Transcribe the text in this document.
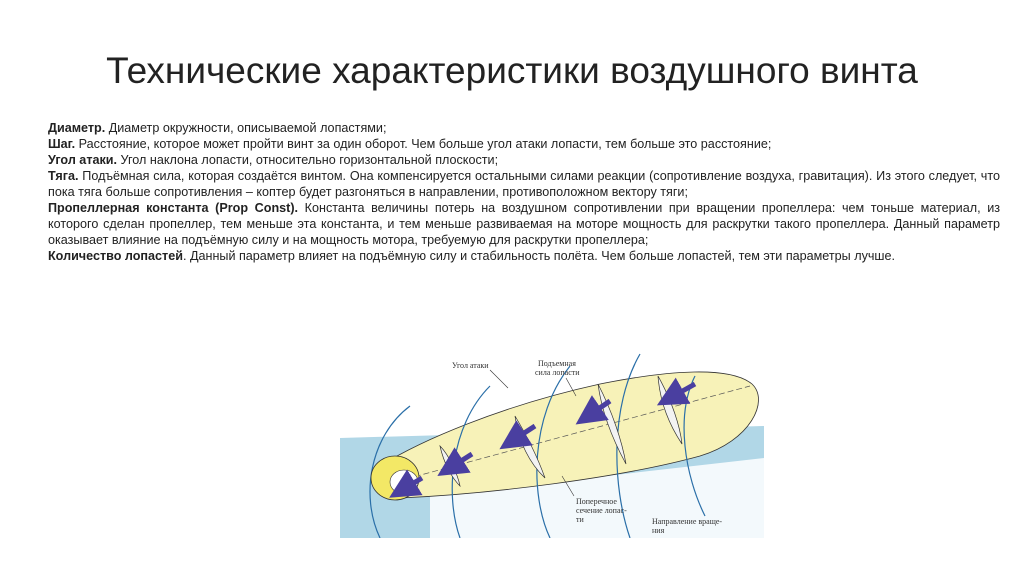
Технические характеристики воздушного винта

Диаметр. Диаметр окружности, описываемой лопастями;

Шаг. Расстояние, которое может пройти винт за один оборот. Чем больше угол атаки лопасти, тем больше это расстояние;

Угол атаки. Угол наклона лопасти, относительно горизонтальной плоскости;

Тяга. Подъёмная сила, которая создаётся винтом. Она компенсируется остальными силами реакции (сопротивление воздуха, гравитация). Из этого следует, что пока тяга больше сопротивления – коптер будет разгоняться в направлении, противоположном вектору тяги;

Пропеллерная константа (Prop Const). Константа величины потерь на воздушном сопротивлении при вращении пропеллера: чем тоньше материал, из которого сделан пропеллер, тем меньше эта константа, и тем меньше развиваемая на моторе мощность для раскрутки такого пропеллера. Данный параметр оказывает влияние на подъёмную силу и на мощность мотора, требуемую для раскрутки пропеллера;

Количество лопастей. Данный параметр влияет на подъёмную силу и стабильность полёта. Чем больше лопастей, тем эти параметры лучше.

Угол атаки	Подъемная
сила лопасти
Поперечное
сечение лопас-
ти	Направление враще-
ния
